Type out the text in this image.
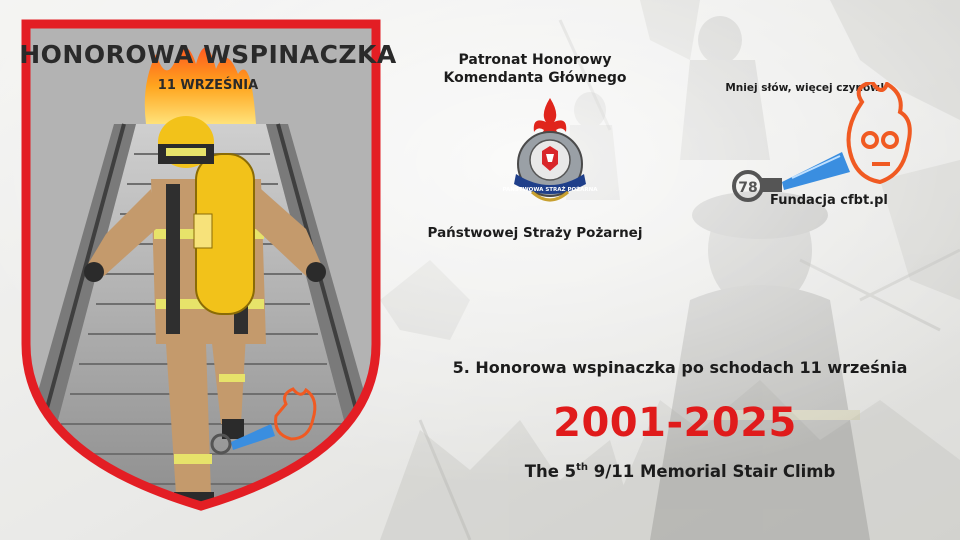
HONOROWA WSPINACZKA
11 WRZEŚNIA
Patronat Honorowy
Komendanta Głównego
PAŃSTWOWA STRAŻ POŻARNA
Państwowej Straży Pożarnej
Mniej słów, więcej czynów!
78
Fundacja cfbt.pl
5. Honorowa wspinaczka po schodach 11 września
2001-2025
The 5th 9/11 Memorial Stair Climb
